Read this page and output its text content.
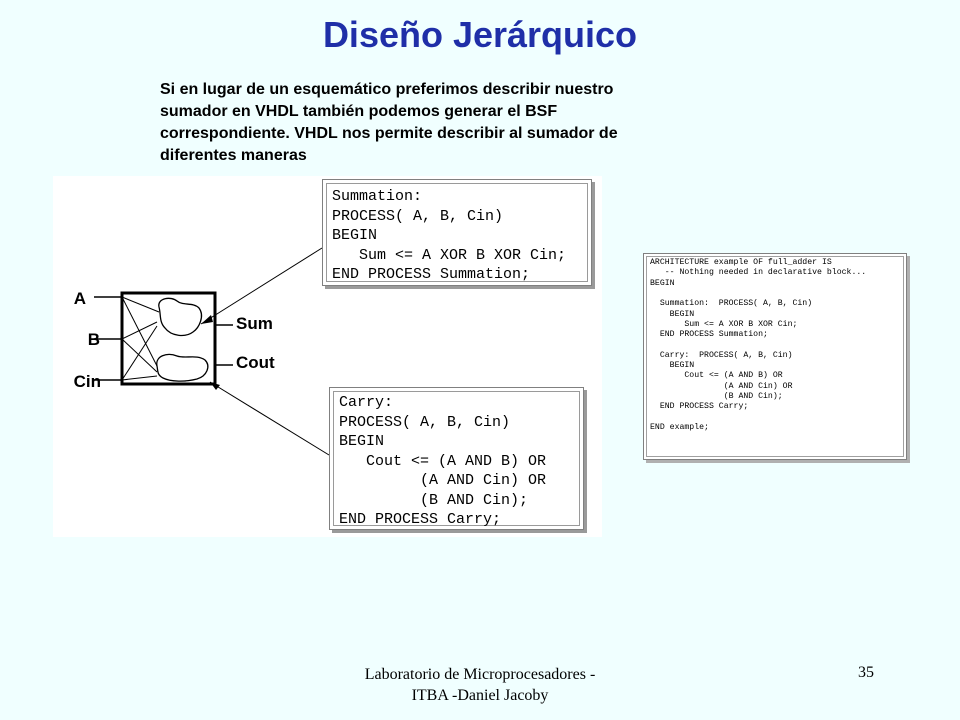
Diseño Jerárquico
Si en lugar de un esquemático preferimos describir nuestro
sumador en VHDL también podemos generar el BSF
correspondiente. VHDL nos permite describir al sumador de
diferentes maneras
A
B
Cin
Sum
Cout
Summation:
PROCESS( A, B, Cin)
BEGIN
Sum <= A XOR B XOR Cin;
END PROCESS Summation;
Carry:
PROCESS( A, B, Cin)
BEGIN
Cout <= (A AND B) OR
(A AND Cin) OR
(B AND Cin);
END PROCESS Carry;
ARCHITECTURE example OF full_adder IS
-- Nothing needed in declarative block...
BEGIN
Summation:  PROCESS( A, B, Cin)
BEGIN
Sum <= A XOR B XOR Cin;
END PROCESS Summation;
Carry:  PROCESS( A, B, Cin)
BEGIN
Cout <= (A AND B) OR
(A AND Cin) OR
(B AND Cin);
END PROCESS Carry;
END example;
Laboratorio de Microprocesadores -
ITBA -Daniel Jacoby
35
